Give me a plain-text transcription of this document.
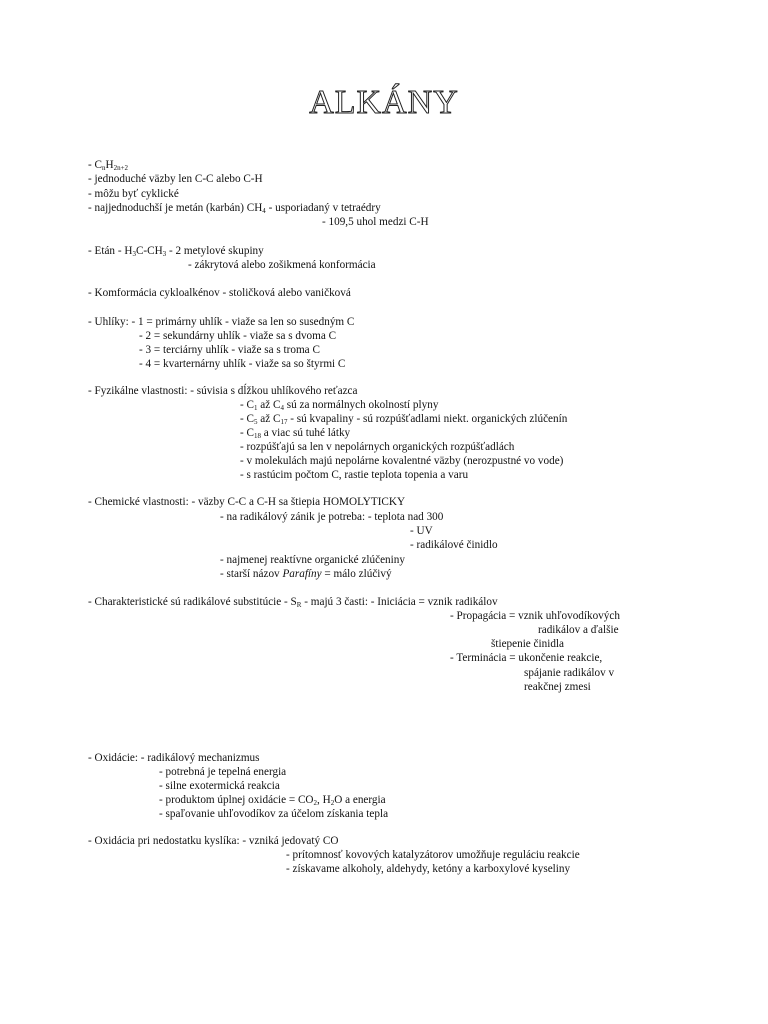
ALKÁNY
- $C_nH_{2n+2}$
- jednoduché väzby len C-C alebo C-H
- môžu byť cyklické
- najjednoduchší je metán (karbán) $CH_4$ - usporiadaný v tetraédry
- 109,5 uhol medzi C-H
- Etán - $H_3C-CH_3 - 2$ metylové skupiny
- zákrytová alebo zošikmená konformácia
- Komformácia cykloalkénov - stoličková alebo vaničková
- Uhlíky: - 1 = primárny uhlík - viaže sa len so susedným C
- 2 = sekundárny uhlík - viaže sa s dvoma C
- 3 = terciárny uhlík - viaže sa s troma C
- 4 = kvarternárny uhlík - viaže sa so štyrmi C
- Fyzikálne vlastnosti: - súvisia s dĺžkou uhlíkového reťazca
- $C_1$ až $C_4$ sú za normálnych okolností plyny
- $C_5$ až $C_{17}$ - sú kvapaliny - sú rozpúšťadlami niekt. organických zlúčenín
- $C_{18}$ a viac sú tuhé látky
- rozpúšťajú sa len v nepolárnych organických rozpúšťadlách
- v molekulách majú nepolárne kovalentné väzby (nerozpustné vo vode)
- s rastúcim počtom C, rastie teplota topenia a varu
- Chemické vlastnosti: - väzby C-C a C-H sa štiepia HOMOLYTICKY
- na radikálový zánik je potreba: - teplota nad 300
- UV
- radikálové činidlo
- najmenej reaktívne organické zlúčeniny
- starší názov Parafíny = málo zlúčivý
- Charakteristické sú radikálové substitúcie - $S_R$ - majú 3 časti: - Iniciácia = vznik radikálov
- Propagácia = vznik uhľovodíkových
radikálov a ďalšie
štiepenie činidla
- Terminácia = ukončenie reakcie,
spájanie radikálov v
reakčnej zmesi
- Oxidácie: - radikálový mechanizmus
- potrebná je tepelná energia
- silne exotermická reakcia
- produktom úplnej oxidácie = $CO_2$, $H_2O$ a energia
- spaľovanie uhľovodíkov za účelom získania tepla
- Oxidácia pri nedostatku kyslíka: - vzniká jedovatý CO
- prítomnosť kovových katalyzátorov umožňuje reguláciu reakcie
- získavame alkoholy, aldehydy, ketóny a karboxylové kyseliny
